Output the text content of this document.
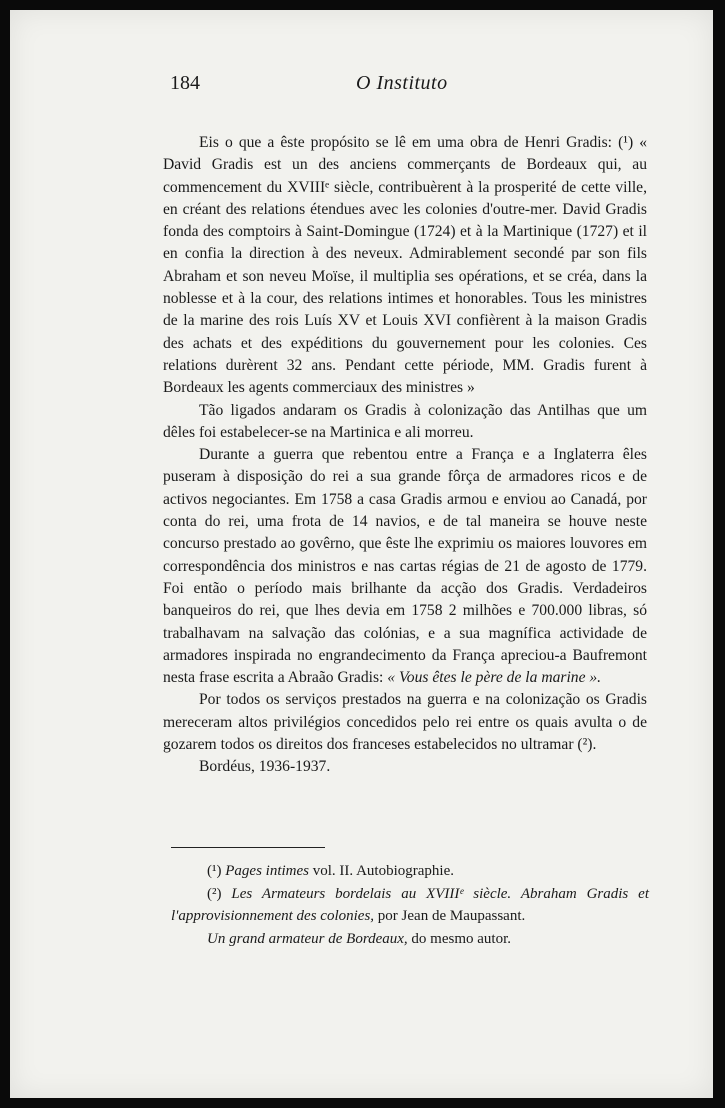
184	O Instituto

Eis o que a êste propósito se lê em uma obra de Henri Gradis: (¹) « David Gradis est un des anciens commerçants de Bordeaux qui, au commencement du XVIIIᵉ siècle, contribuèrent à la prosperité de cette ville, en créant des relations étendues avec les colonies d'outre-mer. David Gradis fonda des comptoirs à Saint-Domingue (1724) et à la Martinique (1727) et il en confia la direction à des neveux. Admirablement secondé par son fils Abraham et son neveu Moïse, il multiplia ses opérations, et se créa, dans la noblesse et à la cour, des relations intimes et honorables. Tous les ministres de la marine des rois Luís XV et Louis XVI confièrent à la maison Gradis des achats et des expéditions du gouvernement pour les colonies. Ces relations durèrent 32 ans. Pendant cette période, MM. Gradis furent à Bordeaux les agents commerciaux des ministres »

Tão ligados andaram os Gradis à colonização das Antilhas que um dêles foi estabelecer-se na Martinica e ali morreu.

Durante a guerra que rebentou entre a França e a Inglaterra êles puseram à disposição do rei a sua grande fôrça de armadores ricos e de activos negociantes. Em 1758 a casa Gradis armou e enviou ao Canadá, por conta do rei, uma frota de 14 navios, e de tal maneira se houve neste concurso prestado ao govêrno, que êste lhe exprimiu os maiores louvores em correspondência dos ministros e nas cartas régias de 21 de agosto de 1779. Foi então o período mais brilhante da acção dos Gradis. Verdadeiros banqueiros do rei, que lhes devia em 1758 2 milhões e 700.000 libras, só trabalhavam na salvação das colónias, e a sua magnífica actividade de armadores inspirada no engrandecimento da França apreciou-a Baufremont nesta frase escrita a Abraão Gradis: « Vous êtes le père de la marine ».

Por todos os serviços prestados na guerra e na colonização os Gradis mereceram altos privilégios concedidos pelo rei entre os quais avulta o de gozarem todos os direitos dos franceses estabelecidos no ultramar (²).

Bordéus, 1936-1937.

(¹) Pages intimes vol. II. Autobiographie.

(²) Les Armateurs bordelais au XVIIIᵉ siècle. Abraham Gradis et l'approvisionnement des colonies, por Jean de Maupassant.

Un grand armateur de Bordeaux, do mesmo autor.
